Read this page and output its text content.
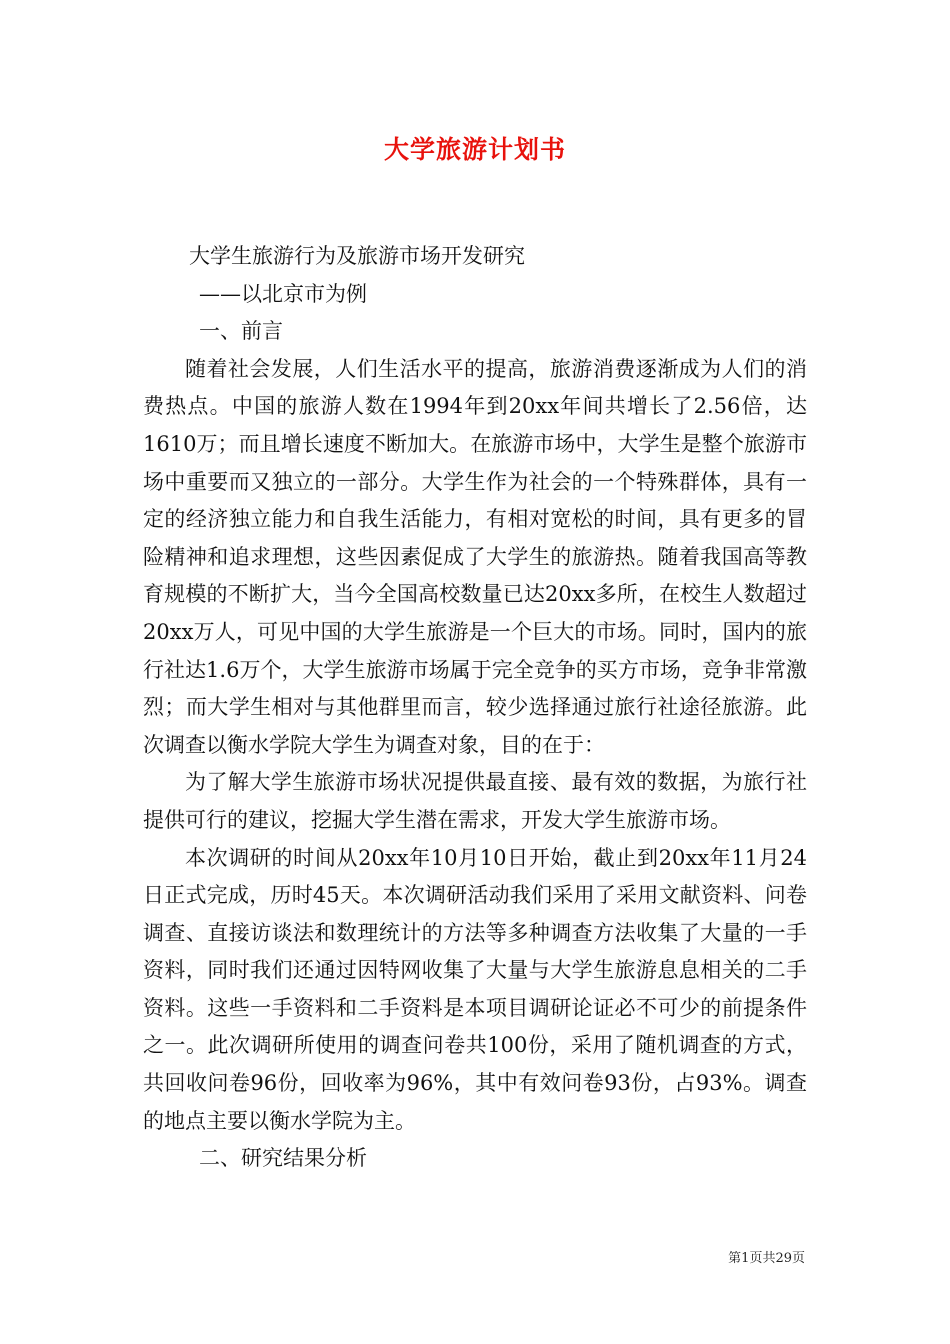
大学旅游计划书

大学生旅游行为及旅游市场开发研究

——以北京市为例

一、前言

随着社会发展，人们生活水平的提高，旅游消费逐渐成为人们的消费热点。中国的旅游人数在1994年到20xx年间共增长了2.56倍，达1610万；而且增长速度不断加大。在旅游市场中，大学生是整个旅游市场中重要而又独立的一部分。大学生作为社会的一个特殊群体，具有一定的经济独立能力和自我生活能力，有相对宽松的时间，具有更多的冒险精神和追求理想，这些因素促成了大学生的旅游热。随着我国高等教育规模的不断扩大，当今全国高校数量已达20xx多所，在校生人数超过20xx万人，可见中国的大学生旅游是一个巨大的市场。同时，国内的旅行社达1.6万个，大学生旅游市场属于完全竞争的买方市场，竞争非常激烈；而大学生相对与其他群里而言，较少选择通过旅行社途径旅游。此次调查以衡水学院大学生为调查对象，目的在于：

为了解大学生旅游市场状况提供最直接、最有效的数据，为旅行社提供可行的建议，挖掘大学生潜在需求，开发大学生旅游市场。

本次调研的时间从20xx年10月10日开始，截止到20xx年11月24日正式完成，历时45天。本次调研活动我们采用了采用文献资料、问卷调查、直接访谈法和数理统计的方法等多种调查方法收集了大量的一手资料，同时我们还通过因特网收集了大量与大学生旅游息息相关的二手资料。这些一手资料和二手资料是本项目调研论证必不可少的前提条件之一。此次调研所使用的调查问卷共100份，采用了随机调查的方式，共回收问卷96份，回收率为96%，其中有效问卷93份，占93%。调查的地点主要以衡水学院为主。

二、研究结果分析

第1页共29页
